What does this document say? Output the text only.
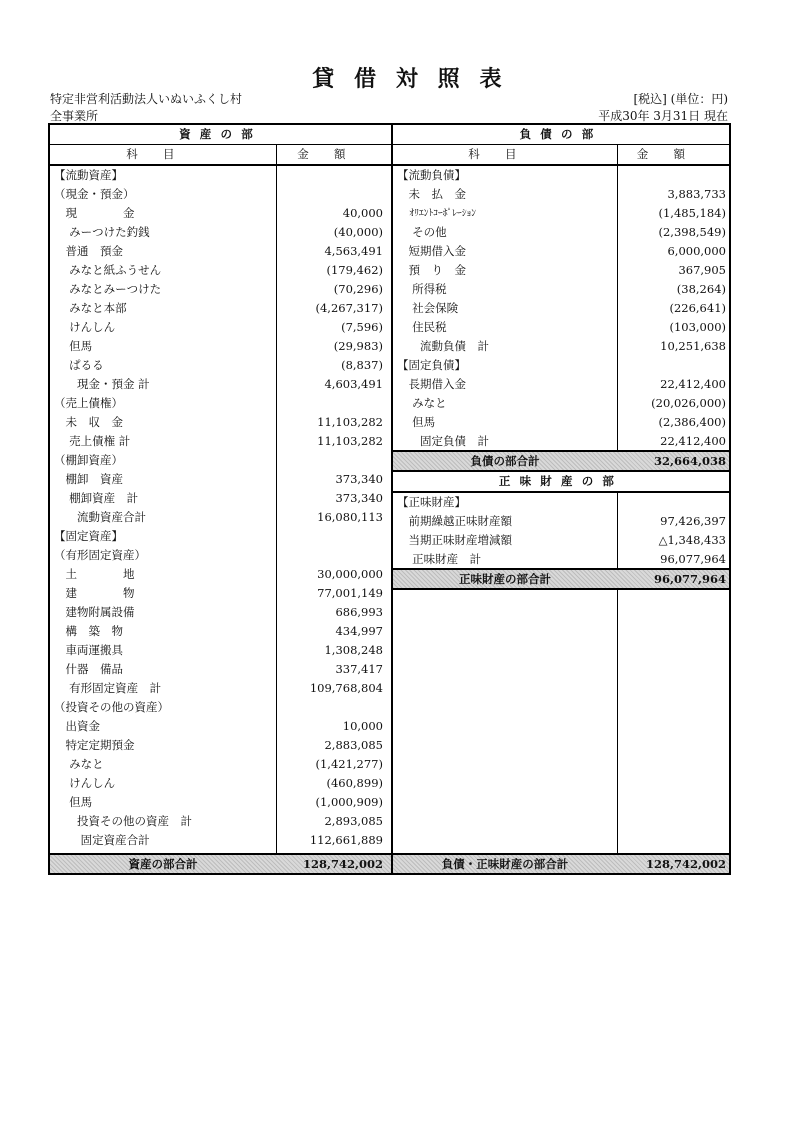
貸借対照表
特定非営利活動法人いぬいふくし村
全事業所
[税込] (単位：円)
平成30年 3月31日 現在
資産の部
科目	金額
【流動資産】
（現金・預金）
　現　　　　金	40,000
　 みーつけた釣銭	(40,000)
　普通　預金	4,563,491
　 みなと紙ふうせん	(179,462)
　 みなとみーつけた	(70,296)
　 みなと本部	(4,267,317)
　 けんしん	(7,596)
　 但馬	(29,983)
　 ぱるる	(8,837)
　　現金・預金 計	4,603,491
（売上債権）
　未　収　金	11,103,282
　 売上債権 計	11,103,282
（棚卸資産）
　棚卸　資産	373,340
　 棚卸資産　計	373,340
　　流動資産合計	16,080,113
【固定資産】
（有形固定資産）
　土　　　　地	30,000,000
　建　　　　物	77,001,149
　建物附属設備	686,993
　構　築　物	434,997
　車両運搬具	1,308,248
　什器　備品	337,417
　 有形固定資産　計	109,768,804
（投資その他の資産）
　出資金	10,000
　特定定期預金	2,883,085
　 みなと	(1,421,277)
　 けんしん	(460,899)
　 但馬	(1,000,909)
　　投資その他の資産　計	2,893,085
　　 固定資産合計	112,661,889
資産の部合計	128,742,002
負債の部
科目	金額
【流動負債】
　未　払　金	3,883,733
　 ｵﾘｴﾝﾄｺｰﾎﾟﾚｰｼｮﾝ	(1,485,184)
　 その他	(2,398,549)
　短期借入金	6,000,000
　預　り　金	367,905
　 所得税	(38,264)
　 社会保険	(226,641)
　 住民税	(103,000)
　　流動負債　計	10,251,638
【固定負債】
　長期借入金	22,412,400
　 みなと	(20,026,000)
　 但馬	(2,386,400)
　　固定負債　計	22,412,400
負債の部合計	32,664,038
正味財産の部
【正味財産】
　前期繰越正味財産額	97,426,397
　当期正味財産増減額	△1,348,433
　 正味財産　計	96,077,964
正味財産の部合計	96,077,964
負債・正味財産の部合計	128,742,002
